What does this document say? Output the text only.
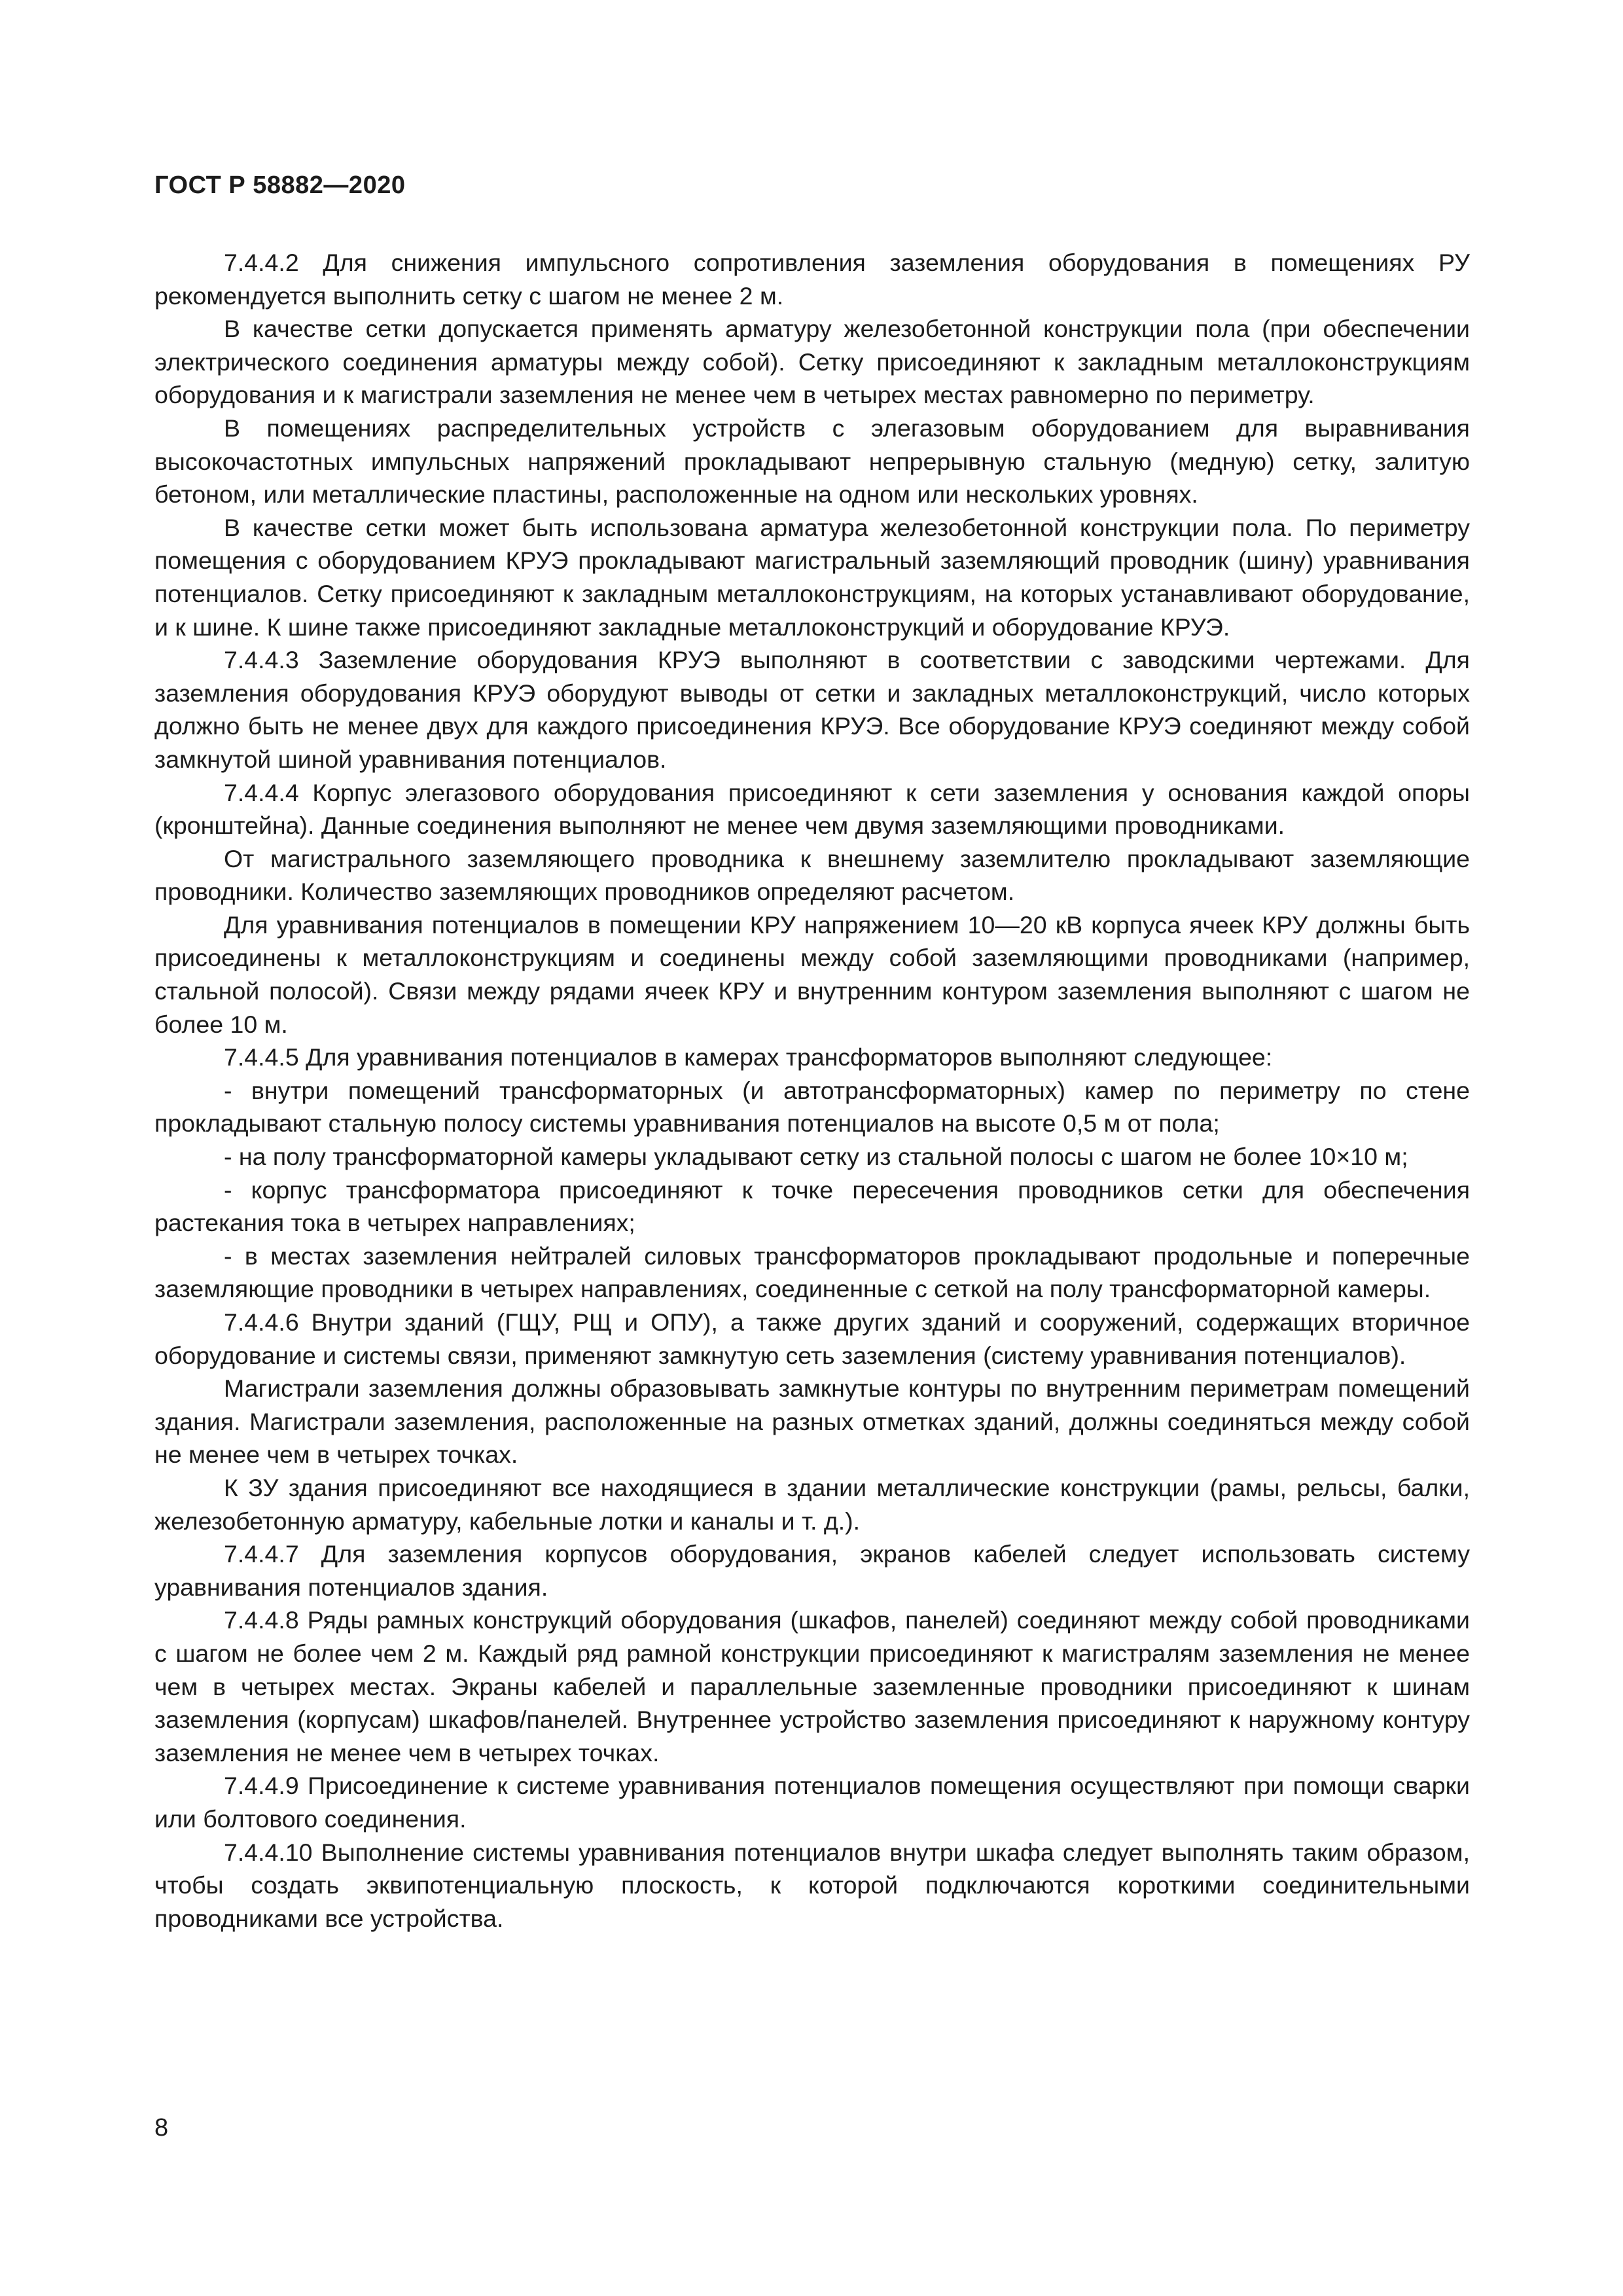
ГОСТ Р 58882—2020

7.4.4.2 Для снижения импульсного сопротивления заземления оборудования в помещениях РУ рекомендуется выполнить сетку с шагом не менее 2 м.

В качестве сетки допускается применять арматуру железобетонной конструкции пола (при обеспечении электрического соединения арматуры между собой). Сетку присоединяют к закладным металлоконструкциям оборудования и к магистрали заземления не менее чем в четырех местах равномерно по периметру.

В помещениях распределительных устройств с элегазовым оборудованием для выравнивания высокочастотных импульсных напряжений прокладывают непрерывную стальную (медную) сетку, залитую бетоном, или металлические пластины, расположенные на одном или нескольких уровнях.

В качестве сетки может быть использована арматура железобетонной конструкции пола. По периметру помещения с оборудованием КРУЭ прокладывают магистральный заземляющий проводник (шину) уравнивания потенциалов. Сетку присоединяют к закладным металлоконструкциям, на которых устанавливают оборудование, и к шине. К шине также присоединяют закладные металлоконструкций и оборудование КРУЭ.

7.4.4.3 Заземление оборудования КРУЭ выполняют в соответствии с заводскими чертежами. Для заземления оборудования КРУЭ оборудуют выводы от сетки и закладных металлоконструкций, число которых должно быть не менее двух для каждого присоединения КРУЭ. Все оборудование КРУЭ соединяют между собой замкнутой шиной уравнивания потенциалов.

7.4.4.4 Корпус элегазового оборудования присоединяют к сети заземления у основания каждой опоры (кронштейна). Данные соединения выполняют не менее чем двумя заземляющими проводниками.

От магистрального заземляющего проводника к внешнему заземлителю прокладывают заземляющие проводники. Количество заземляющих проводников определяют расчетом.

Для уравнивания потенциалов в помещении КРУ напряжением 10—20 кВ корпуса ячеек КРУ должны быть присоединены к металлоконструкциям и соединены между собой заземляющими проводниками (например, стальной полосой). Связи между рядами ячеек КРУ и внутренним контуром заземления выполняют с шагом не более 10 м.

7.4.4.5 Для уравнивания потенциалов в камерах трансформаторов выполняют следующее:

- внутри помещений трансформаторных (и автотрансформаторных) камер по периметру по стене прокладывают стальную полосу системы уравнивания потенциалов на высоте 0,5 м от пола;

- на полу трансформаторной камеры укладывают сетку из стальной полосы с шагом не более 10×10 м;

- корпус трансформатора присоединяют к точке пересечения проводников сетки для обеспечения растекания тока в четырех направлениях;

- в местах заземления нейтралей силовых трансформаторов прокладывают продольные и поперечные заземляющие проводники в четырех направлениях, соединенные с сеткой на полу трансформаторной камеры.

7.4.4.6 Внутри зданий (ГЩУ, РЩ и ОПУ), а также других зданий и сооружений, содержащих вторичное оборудование и системы связи, применяют замкнутую сеть заземления (систему уравнивания потенциалов).

Магистрали заземления должны образовывать замкнутые контуры по внутренним периметрам помещений здания. Магистрали заземления, расположенные на разных отметках зданий, должны соединяться между собой не менее чем в четырех точках.

К ЗУ здания присоединяют все находящиеся в здании металлические конструкции (рамы, рельсы, балки, железобетонную арматуру, кабельные лотки и каналы и т. д.).

7.4.4.7 Для заземления корпусов оборудования, экранов кабелей следует использовать систему уравнивания потенциалов здания.

7.4.4.8 Ряды рамных конструкций оборудования (шкафов, панелей) соединяют между собой проводниками с шагом не более чем 2 м. Каждый ряд рамной конструкции присоединяют к магистралям заземления не менее чем в четырех местах. Экраны кабелей и параллельные заземленные проводники присоединяют к шинам заземления (корпусам) шкафов/панелей. Внутреннее устройство заземления присоединяют к наружному контуру заземления не менее чем в четырех точках.

7.4.4.9 Присоединение к системе уравнивания потенциалов помещения осуществляют при помощи сварки или болтового соединения.

7.4.4.10 Выполнение системы уравнивания потенциалов внутри шкафа следует выполнять таким образом, чтобы создать эквипотенциальную плоскость, к которой подключаются короткими соединительными проводниками все устройства.

8
